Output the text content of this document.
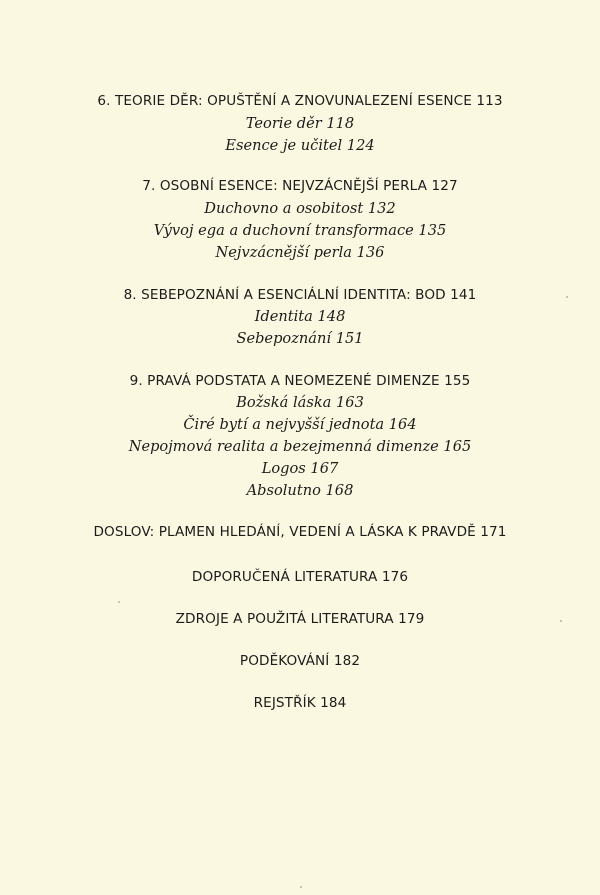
6. TEORIE DĚR: OPUŠTĚNÍ A ZNOVUNALEZENÍ ESENCE 113
Teorie děr 118
Esence je učitel 124
7. OSOBNÍ ESENCE: NEJVZÁCNĚJŠÍ PERLA 127
Duchovno a osobitost 132
Vývoj ega a duchovní transformace 135
Nejvzácnější perla 136
8. SEBEPOZNÁNÍ A ESENCIÁLNÍ IDENTITA: BOD 141
Identita 148
Sebepoznání 151
9. PRAVÁ PODSTATA A NEOMEZENÉ DIMENZE 155
Božská láska 163
Čiré bytí a nejvyšší jednota 164
Nepojmová realita a bezejmenná dimenze 165
Logos 167
Absolutno 168
DOSLOV: PLAMEN HLEDÁNÍ, VEDENÍ A LÁSKA K PRAVDĚ 171
DOPORUČENÁ LITERATURA 176
ZDROJE A POUŽITÁ LITERATURA 179
PODĚKOVÁNÍ 182
REJSTŘÍK 184
